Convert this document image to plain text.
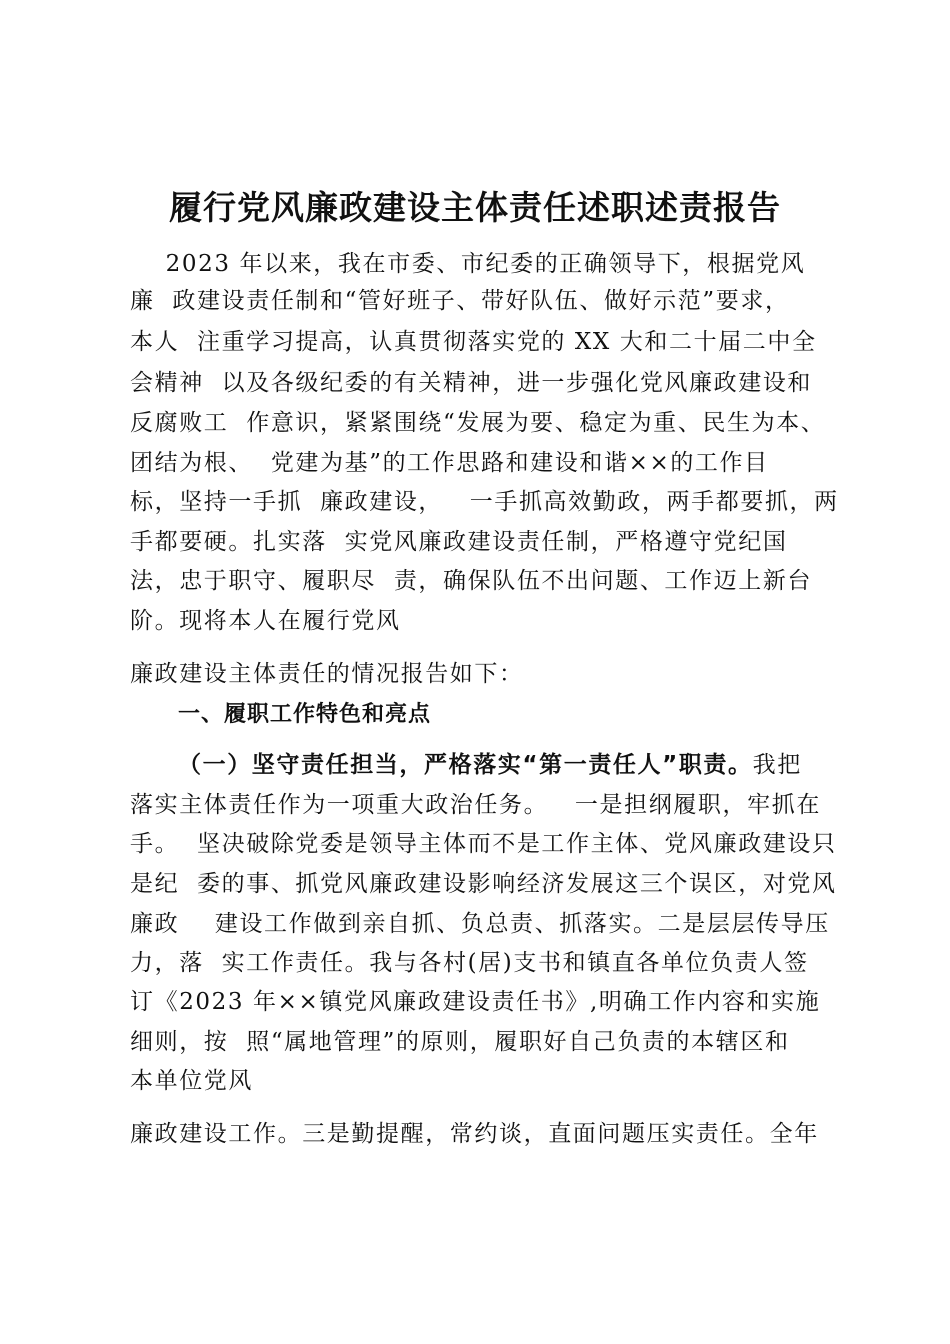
履行党风廉政建设主体责任述职述责报告
2023 年以来，我在市委、市纪委的正确领导下，根据党风
廉  政建设责任制和“管好班子、带好队伍、做好示范”要求，
本人  注重学习提高，认真贯彻落实党的 XX 大和二十届二中全
会精神  以及各级纪委的有关精神，进一步强化党风廉政建设和
反腐败工  作意识，紧紧围绕“发展为要、稳定为重、民生为本、
团结为根、  党建为基”的工作思路和建设和谐××的工作目
标，坚持一手抓  廉政建设，   一手抓高效勤政，两手都要抓，两
手都要硬。扎实落  实党风廉政建设责任制，严格遵守党纪国
法，忠于职守、履职尽  责，确保队伍不出问题、工作迈上新台
阶。现将本人在履行党风
廉政建设主体责任的情况报告如下：
一、履职工作特色和亮点
（一）坚守责任担当，严格落实“第一责任人”职责。我把
落实主体责任作为一项重大政治任务。   一是担纲履职，牢抓在
手。  坚决破除党委是领导主体而不是工作主体、党风廉政建设只
是纪  委的事、抓党风廉政建设影响经济发展这三个误区，对党风
廉政    建设工作做到亲自抓、负总责、抓落实。二是层层传导压
力，落  实工作责任。我与各村(居)支书和镇直各单位负责人签
订《2023 年××镇党风廉政建设责任书》,明确工作内容和实施
细则，按  照“属地管理”的原则，履职好自己负责的本辖区和
本单位党风
廉政建设工作。三是勤提醒，常约谈，直面问题压实责任。全年
